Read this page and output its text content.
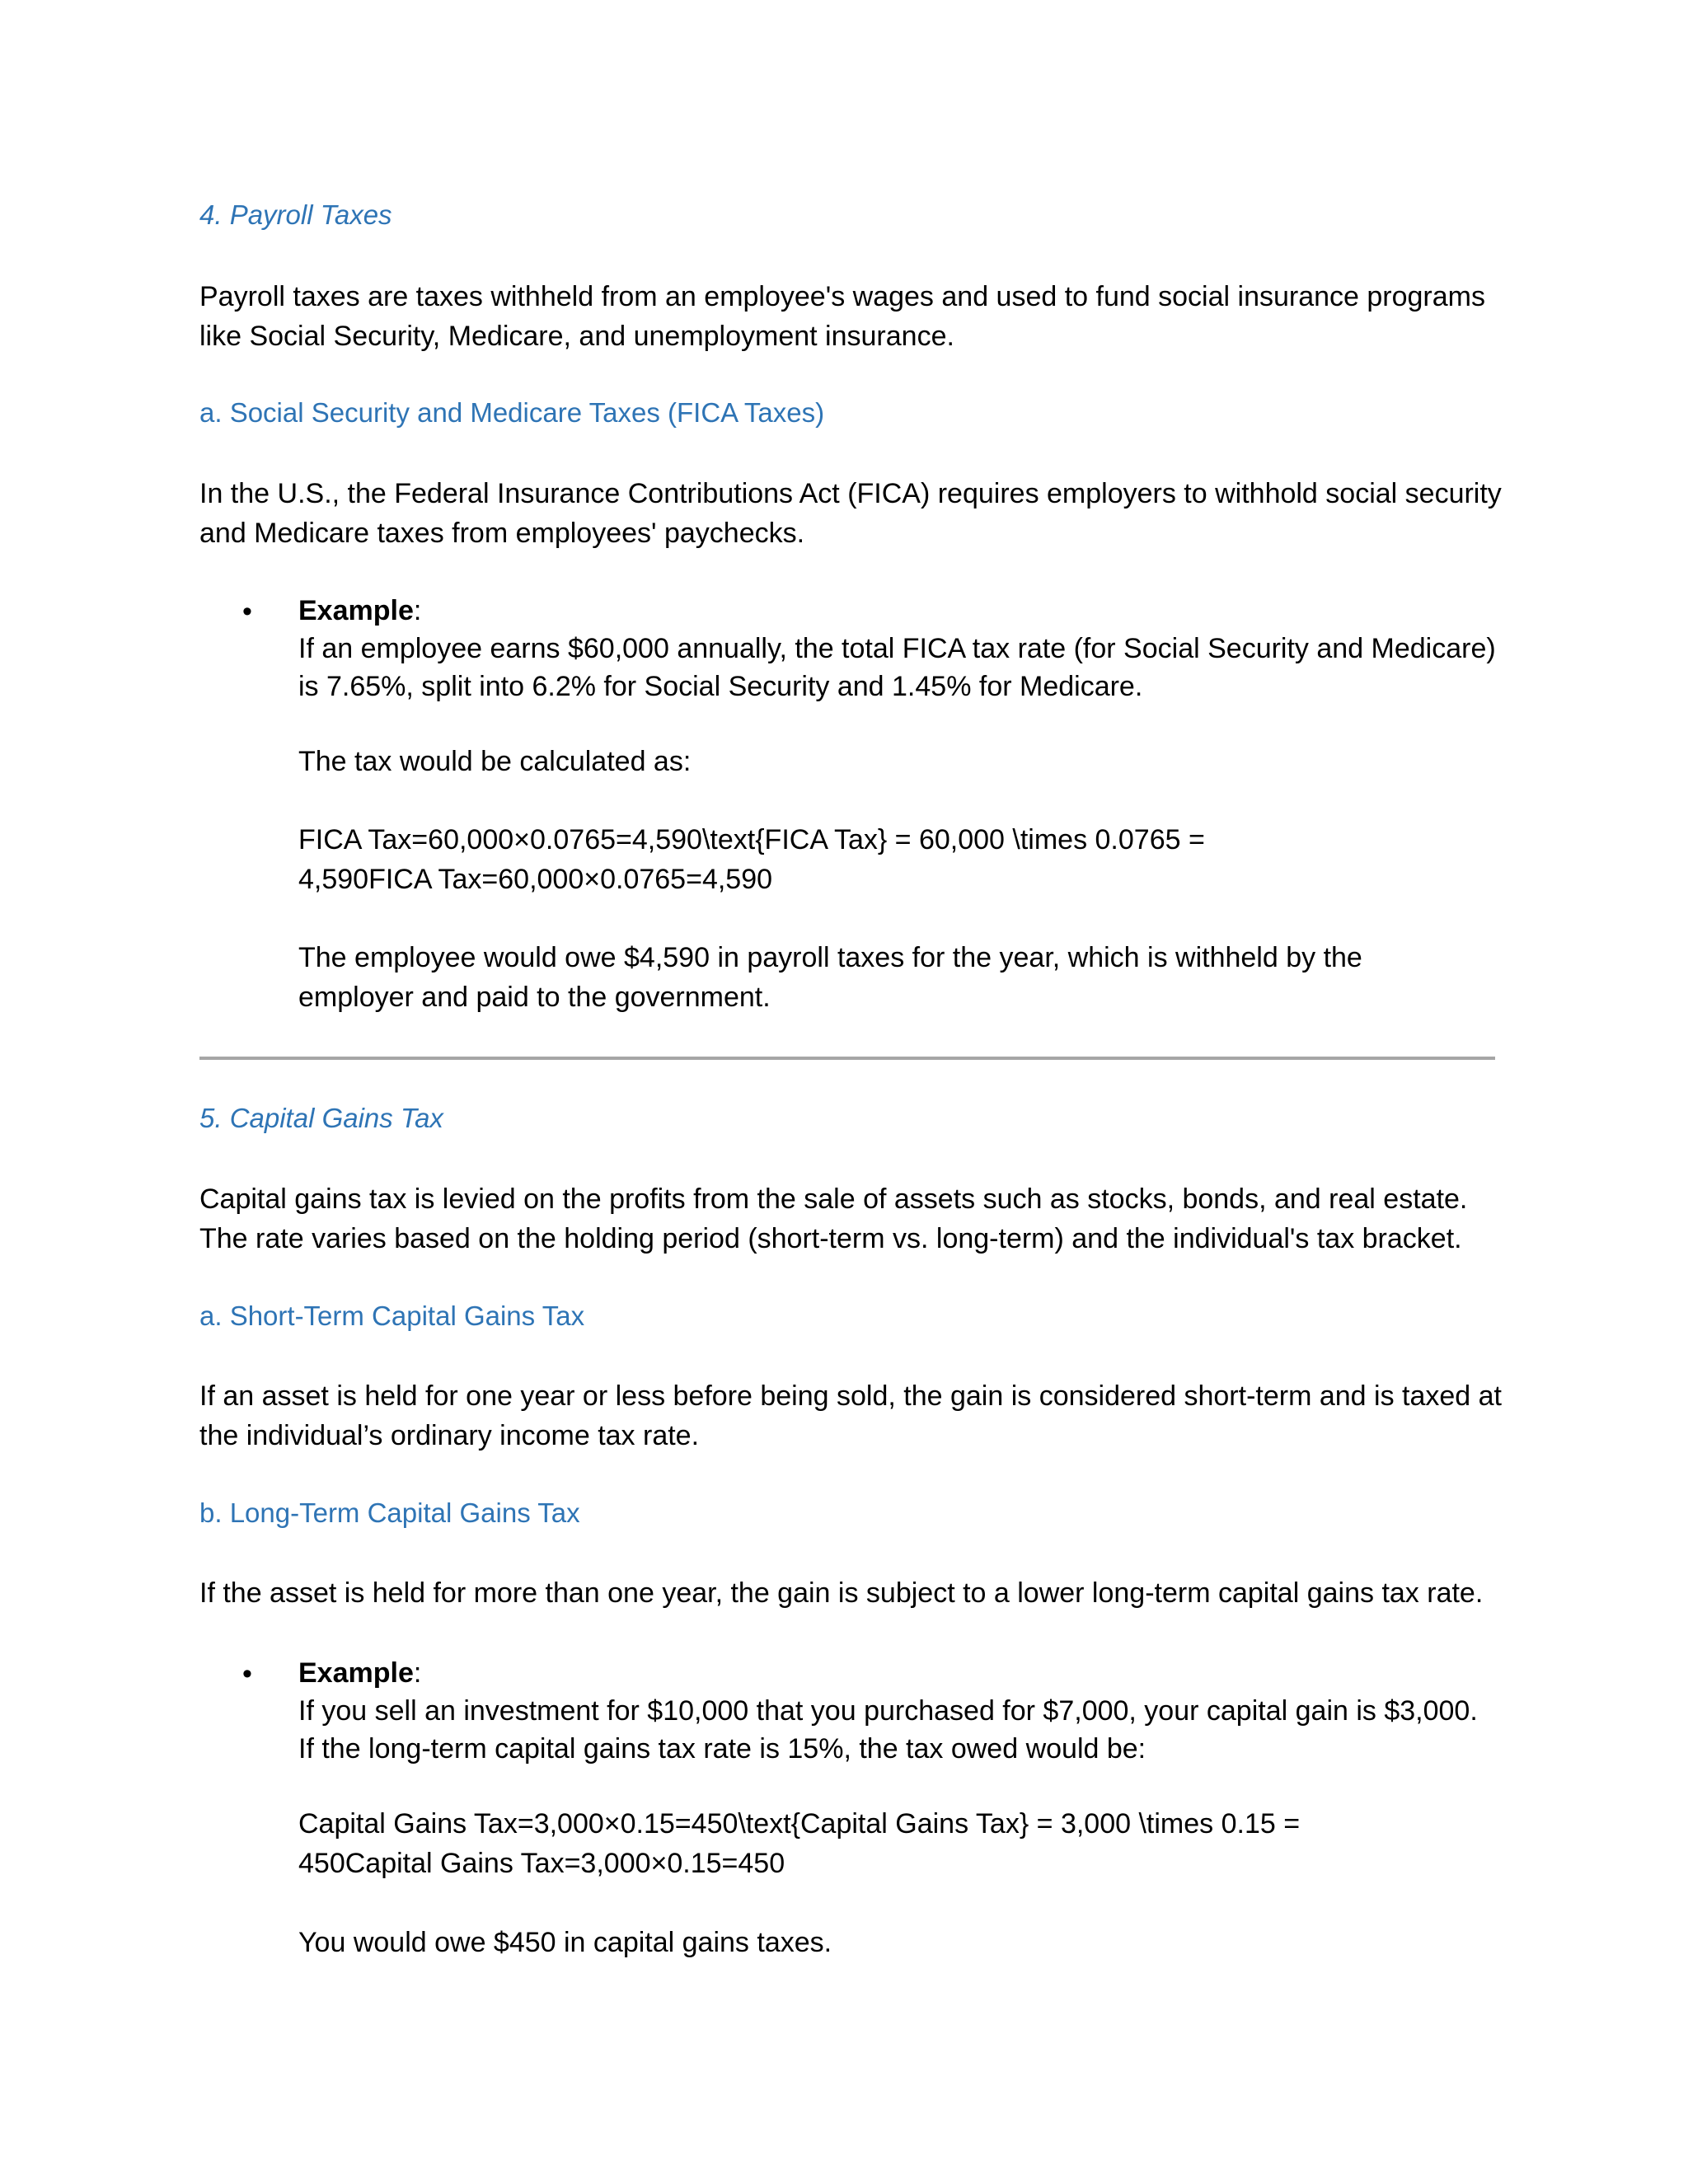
4. Payroll Taxes
Payroll taxes are taxes withheld from an employee's wages and used to fund social insurance programs
like Social Security, Medicare, and unemployment insurance.
a. Social Security and Medicare Taxes (FICA Taxes)
In the U.S., the Federal Insurance Contributions Act (FICA) requires employers to withhold social security
and Medicare taxes from employees' paychecks.
• Example:
If an employee earns $60,000 annually, the total FICA tax rate (for Social Security and Medicare)
is 7.65%, split into 6.2% for Social Security and 1.45% for Medicare.
The tax would be calculated as:
FICA Tax=60,000×0.0765=4,590\text{FICA Tax} = 60,000 \times 0.0765 =
4,590FICA Tax=60,000×0.0765=4,590
The employee would owe $4,590 in payroll taxes for the year, which is withheld by the
employer and paid to the government.
5. Capital Gains Tax
Capital gains tax is levied on the profits from the sale of assets such as stocks, bonds, and real estate.
The rate varies based on the holding period (short-term vs. long-term) and the individual's tax bracket.
a. Short-Term Capital Gains Tax
If an asset is held for one year or less before being sold, the gain is considered short-term and is taxed at
the individual’s ordinary income tax rate.
b. Long-Term Capital Gains Tax
If the asset is held for more than one year, the gain is subject to a lower long-term capital gains tax rate.
• Example:
If you sell an investment for $10,000 that you purchased for $7,000, your capital gain is $3,000.
If the long-term capital gains tax rate is 15%, the tax owed would be:
Capital Gains Tax=3,000×0.15=450\text{Capital Gains Tax} = 3,000 \times 0.15 =
450Capital Gains Tax=3,000×0.15=450
You would owe $450 in capital gains taxes.
